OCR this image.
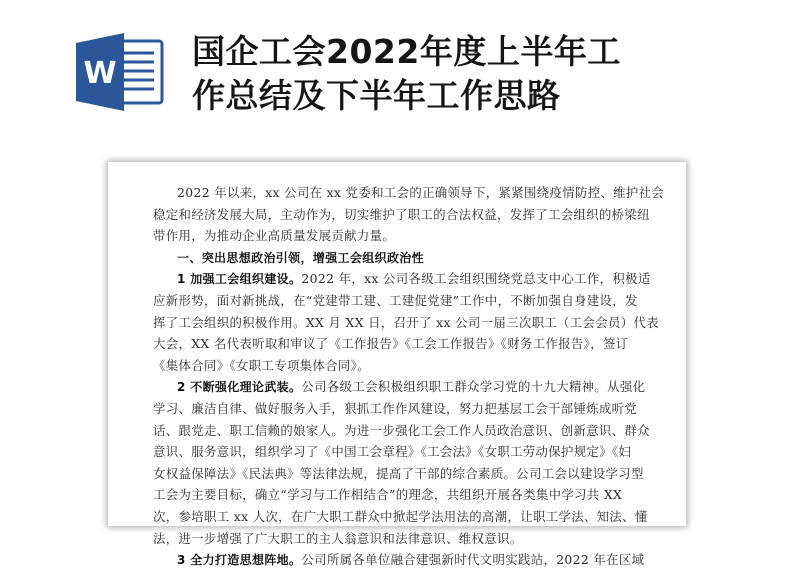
W
国企工会2022年度上半年工
作总结及下半年工作思路
2022 年以来，xx 公司在 xx 党委和工会的正确领导下，紧紧围绕疫情防控、维护社会
稳定和经济发展大局，主动作为，切实维护了职工的合法权益，发挥了工会组织的桥梁纽
带作用，为推动企业高质量发展贡献力量。
一、突出思想政治引领，增强工会组织政治性
1 加强工会组织建设。2022 年，xx 公司各级工会组织围绕党总支中心工作，积极适
应新形势，面对新挑战，在“党建带工建、工建促党建”工作中，不断加强自身建设，发
挥了工会组织的积极作用。XX 月 XX 日，召开了 xx 公司一届三次职工（工会会员）代表
大会，XX 名代表听取和审议了《工作报告》《工会工作报告》《财务工作报告》，签订
《集体合同》《女职工专项集体合同》。
2 不断强化理论武装。公司各级工会积极组织职工群众学习党的十九大精神。从强化
学习、廉洁自律、做好服务入手，狠抓工作作风建设，努力把基层工会干部锤炼成听党
话、跟党走、职工信赖的娘家人。为进一步强化工会工作人员政治意识、创新意识、群众
意识、服务意识，组织学习了《中国工会章程》《工会法》《女职工劳动保护规定》《妇
女权益保障法》《民法典》等法律法规，提高了干部的综合素质。公司工会以建设学习型
工会为主要目标，确立“学习与工作相结合”的理念，共组织开展各类集中学习共 XX
次，参培职工 xx 人次，在广大职工群众中掀起学法用法的高潮，让职工学法、知法、懂
法，进一步增强了广大职工的主人翁意识和法律意识、维权意识。
3 全力打造思想阵地。公司所属各单位融合建强新时代文明实践站，2022 年在区域
